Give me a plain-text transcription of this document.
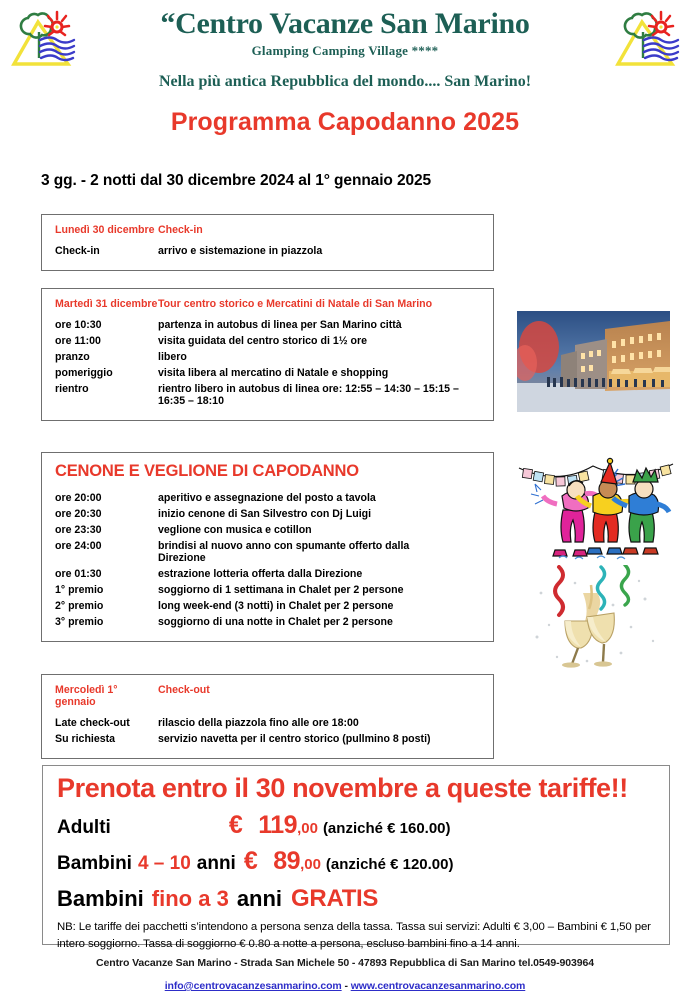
“Centro Vacanze San Marino
Glamping Camping Village ****
Nella più antica Repubblica del mondo.... San Marino!
Programma Capodanno 2025
3 gg. - 2 notti dal 30 dicembre 2024 al 1° gennaio 2025
Lunedì 30 dicembre Check-in
Check-in	arrivo e sistemazione in piazzola
Martedì 31 dicembre Tour centro storico e Mercatini di Natale di San Marino
ore 10:30	partenza in autobus di linea per San Marino città
ore 11:00	visita guidata del centro storico di 1½ ore
pranzo	libero
pomeriggio	visita libera al mercatino di Natale e shopping
rientro	rientro libero in autobus di linea ore: 12:55 – 14:30 – 15:15 – 16:35 – 18:10
CENONE E VEGLIONE DI CAPODANNO
ore 20:00	aperitivo e assegnazione del posto a tavola
ore 20:30	inizio cenone di San Silvestro con Dj Luigi
ore 23:30	veglione con musica e cotillon
ore 24:00	brindisi al nuovo anno con spumante offerto dalla Direzione
ore 01:30	estrazione lotteria offerta dalla Direzione
1° premio	soggiorno di 1 settimana in Chalet per 2 persone
2° premio	long week-end (3 notti) in Chalet per 2 persone
3° premio	soggiorno di una notte in Chalet per 2 persone
Mercoledì 1° gennaio
Check-out
Late check-out	rilascio della piazzola fino alle ore 18:00
Su richiesta	servizio navetta per il centro storico (pullmino 8 posti)
Prenota entro il 30 novembre a queste tariffe!!
Adulti	€ 119 ,00 (anziché € 160.00)
Bambini 4 – 10 anni € 89 ,00 (anziché € 120.00)
Bambini fino a 3 anni GRATIS
NB: Le tariffe dei pacchetti s’intendono a persona senza della tassa. Tassa sui servizi: Adulti € 3,00 – Bambini € 1,50 per intero soggiorno. Tassa di soggiorno € 0.80 a notte a persona, escluso bambini fino a 14 anni.
Centro Vacanze San Marino - Strada San Michele 50 - 47893 Repubblica di San Marino tel.0549-903964
info@centrovacanzesanmarino.com - www.centrovacanzesanmarino.com
